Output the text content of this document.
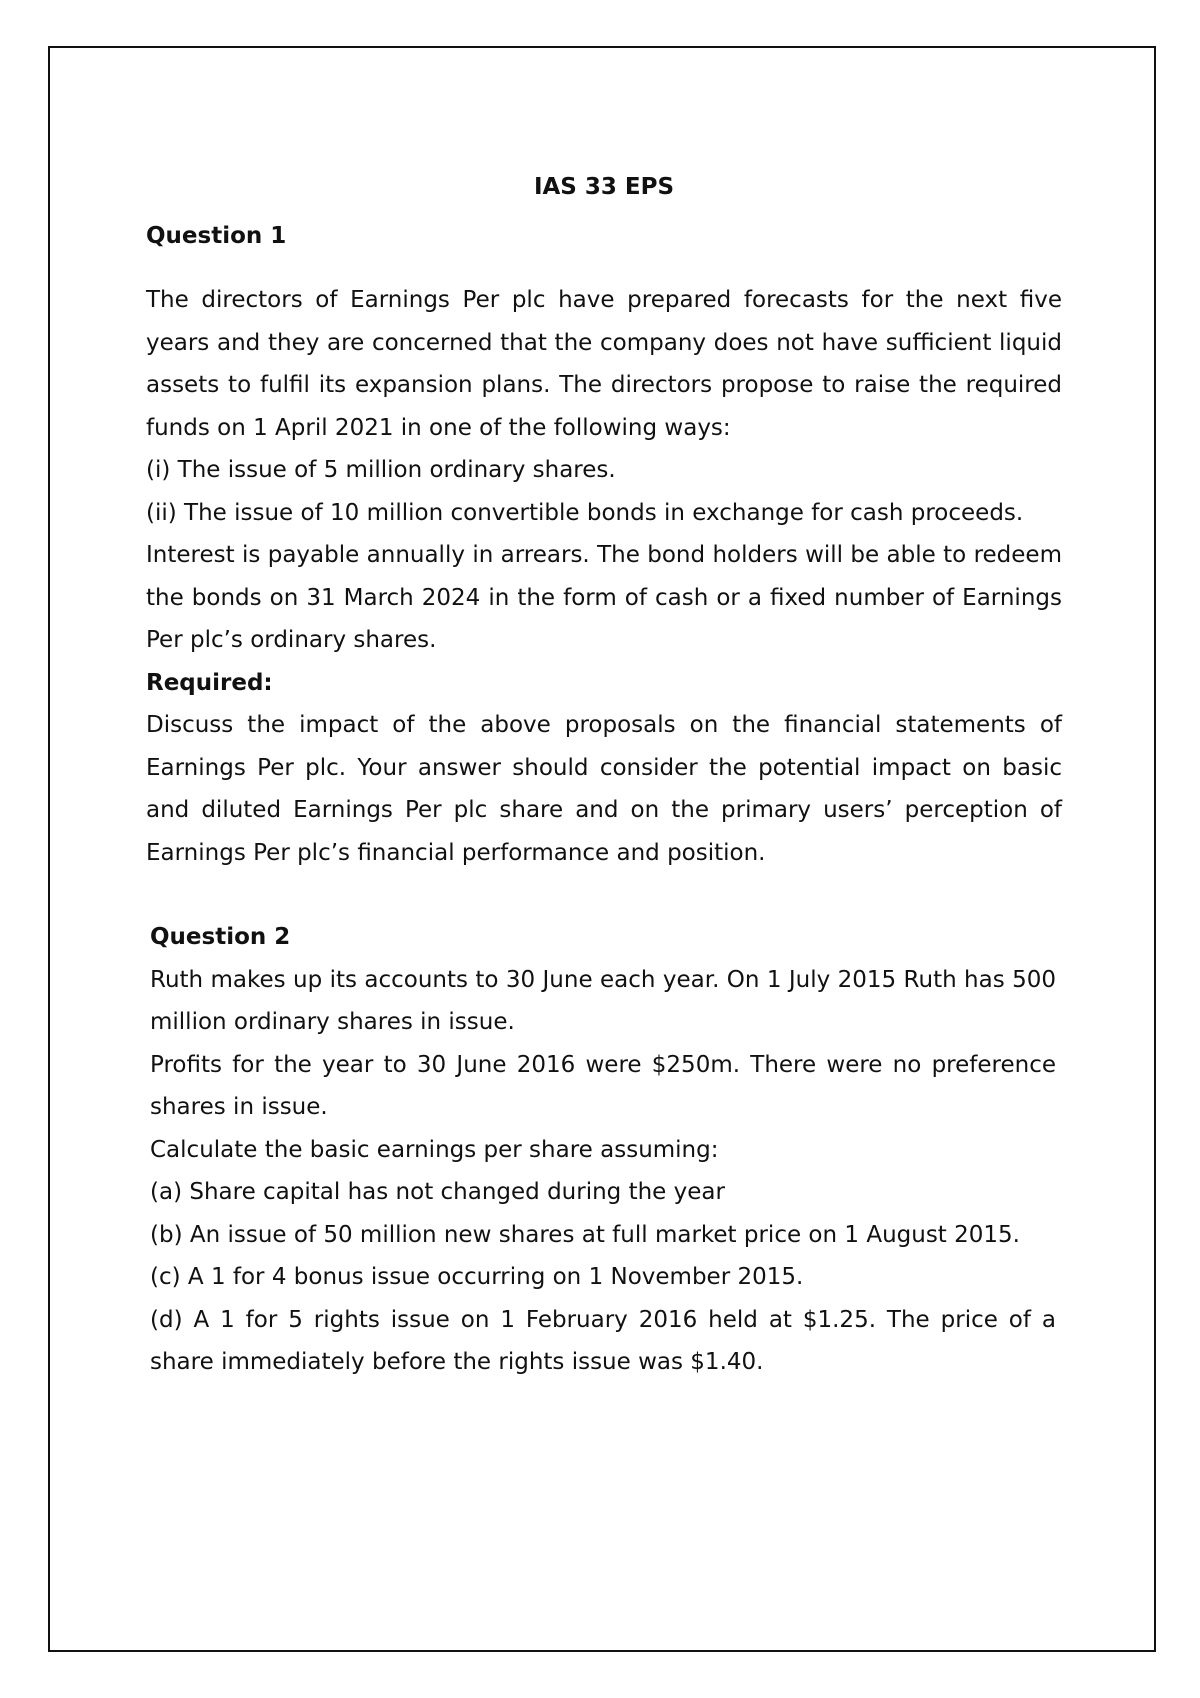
IAS 33 EPS

Question 1

The directors of Earnings Per plc have prepared forecasts for the next five years and they are concerned that the company does not have sufficient liquid assets to fulfil its expansion plans. The directors propose to raise the required funds on 1 April 2021 in one of the following ways:

(i) The issue of 5 million ordinary shares.

(ii) The issue of 10 million convertible bonds in exchange for cash proceeds.

Interest is payable annually in arrears. The bond holders will be able to redeem the bonds on 31 March 2024 in the form of cash or a fixed number of Earnings Per plc’s ordinary shares.

Required:

Discuss the impact of the above proposals on the financial statements of Earnings Per plc. Your answer should consider the potential impact on basic and diluted Earnings Per plc share and on the primary users’ perception of Earnings Per plc’s financial performance and position.

Question 2

Ruth makes up its accounts to 30 June each year. On 1 July 2015 Ruth has 500 million ordinary shares in issue.

Profits for the year to 30 June 2016 were $250m. There were no preference shares in issue.

Calculate the basic earnings per share assuming:

(a) Share capital has not changed during the year

(b) An issue of 50 million new shares at full market price on 1 August 2015.

(c) A 1 for 4 bonus issue occurring on 1 November 2015.

(d) A 1 for 5 rights issue on 1 February 2016 held at $1.25. The price of a share immediately before the rights issue was $1.40.
